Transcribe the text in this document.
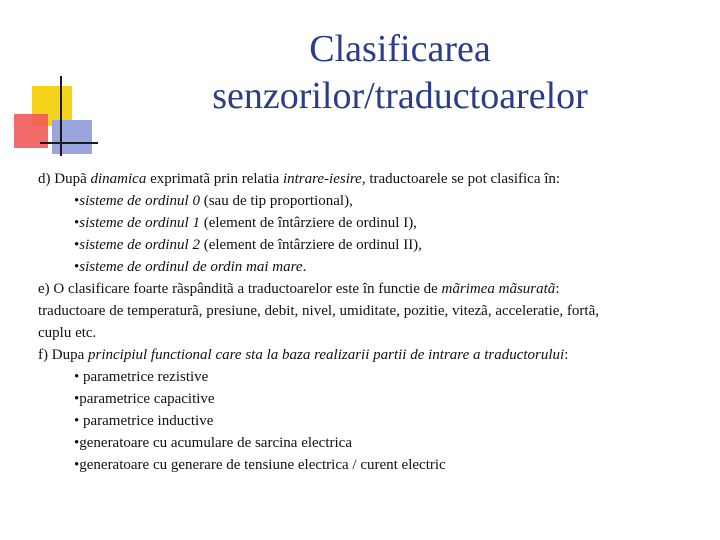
Clasificarea
senzorilor/traductoarelor
d) Dupã dinamica exprimatã prin relatia intrare-iesire, traductoarele se pot clasifica în:
•sisteme de ordinul 0 (sau de tip proportional),
•sisteme de ordinul 1 (element de întârziere de ordinul I),
•sisteme de ordinul 2 (element de întârziere de ordinul II),
•sisteme de ordinul de ordin mai mare.
e) O clasificare foarte rãspânditã a traductoarelor este în functie de mãrimea mãsuratã:
traductoare de temperaturã, presiune, debit, nivel, umiditate, pozitie, vitezã, acceleratie, fortã,
cuplu etc.
f) Dupa principiul functional care sta la baza realizarii partii de intrare a traductorului:
• parametrice rezistive
•parametrice capacitive
• parametrice inductive
•generatoare cu acumulare de sarcina electrica
•generatoare cu generare de tensiune electrica / curent electric
